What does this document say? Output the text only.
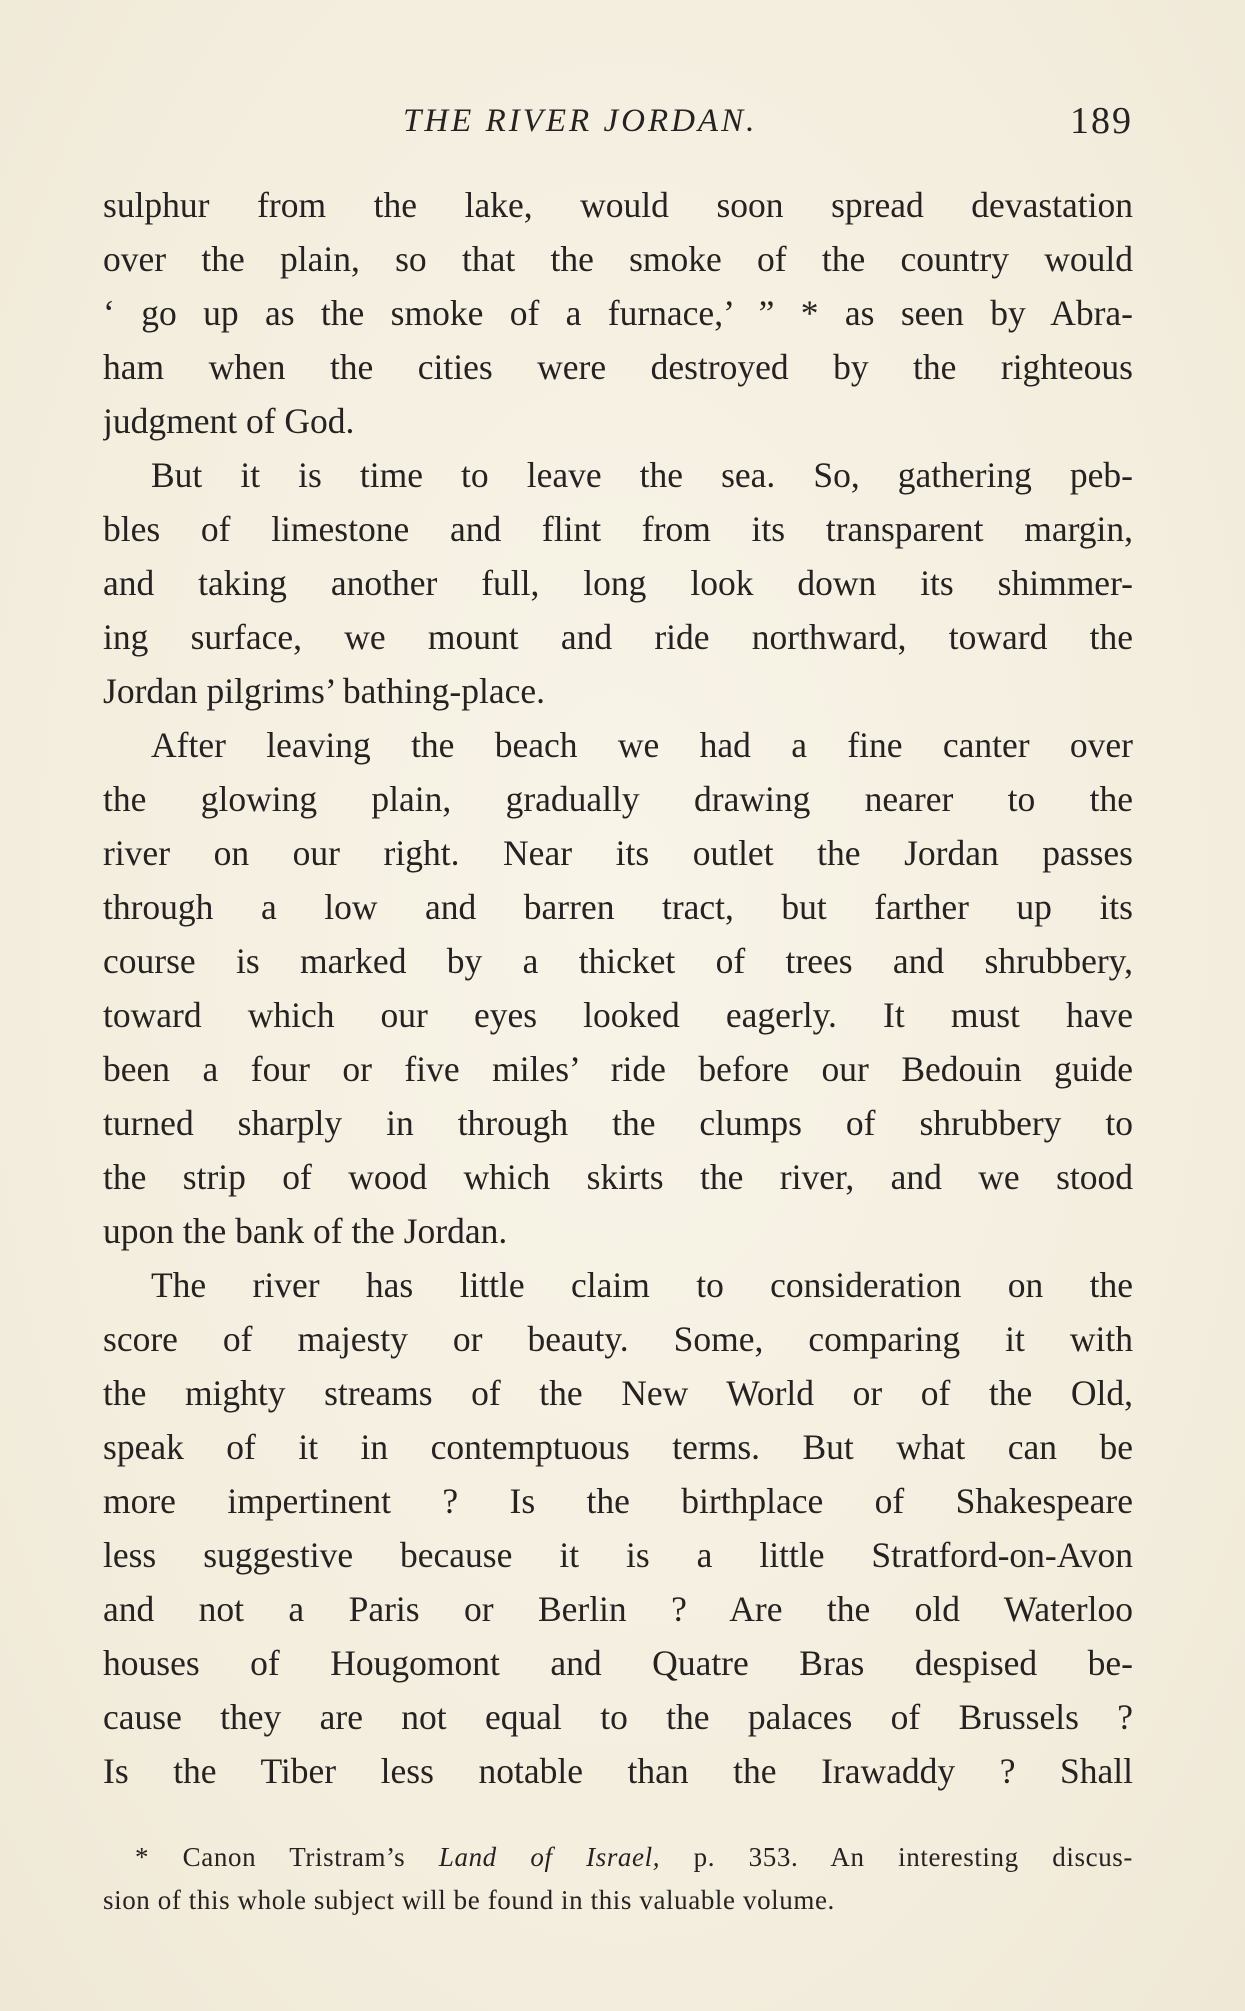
THE RIVER JORDAN.	189
sulphur from the lake, would soon spread devastation
over the plain, so that the smoke of the country would
‘ go up as the smoke of a furnace,’ ” * as seen by Abra-
ham when the cities were destroyed by the righteous
judgment of God.
But it is time to leave the sea. So, gathering peb-
bles of limestone and flint from its transparent margin,
and taking another full, long look down its shimmer-
ing surface, we mount and ride northward, toward the
Jordan pilgrims’ bathing-place.
After leaving the beach we had a fine canter over
the glowing plain, gradually drawing nearer to the
river on our right. Near its outlet the Jordan passes
through a low and barren tract, but farther up its
course is marked by a thicket of trees and shrubbery,
toward which our eyes looked eagerly. It must have
been a four or five miles’ ride before our Bedouin guide
turned sharply in through the clumps of shrubbery to
the strip of wood which skirts the river, and we stood
upon the bank of the Jordan.
The river has little claim to consideration on the
score of majesty or beauty. Some, comparing it with
the mighty streams of the New World or of the Old,
speak of it in contemptuous terms. But what can be
more impertinent ? Is the birthplace of Shakespeare
less suggestive because it is a little Stratford-on-Avon
and not a Paris or Berlin ? Are the old Waterloo
houses of Hougomont and Quatre Bras despised be-
cause they are not equal to the palaces of Brussels ?
Is the Tiber less notable than the Irawaddy ? Shall
* Canon Tristram’s Land of Israel, p. 353. An interesting discus-
sion of this whole subject will be found in this valuable volume.
